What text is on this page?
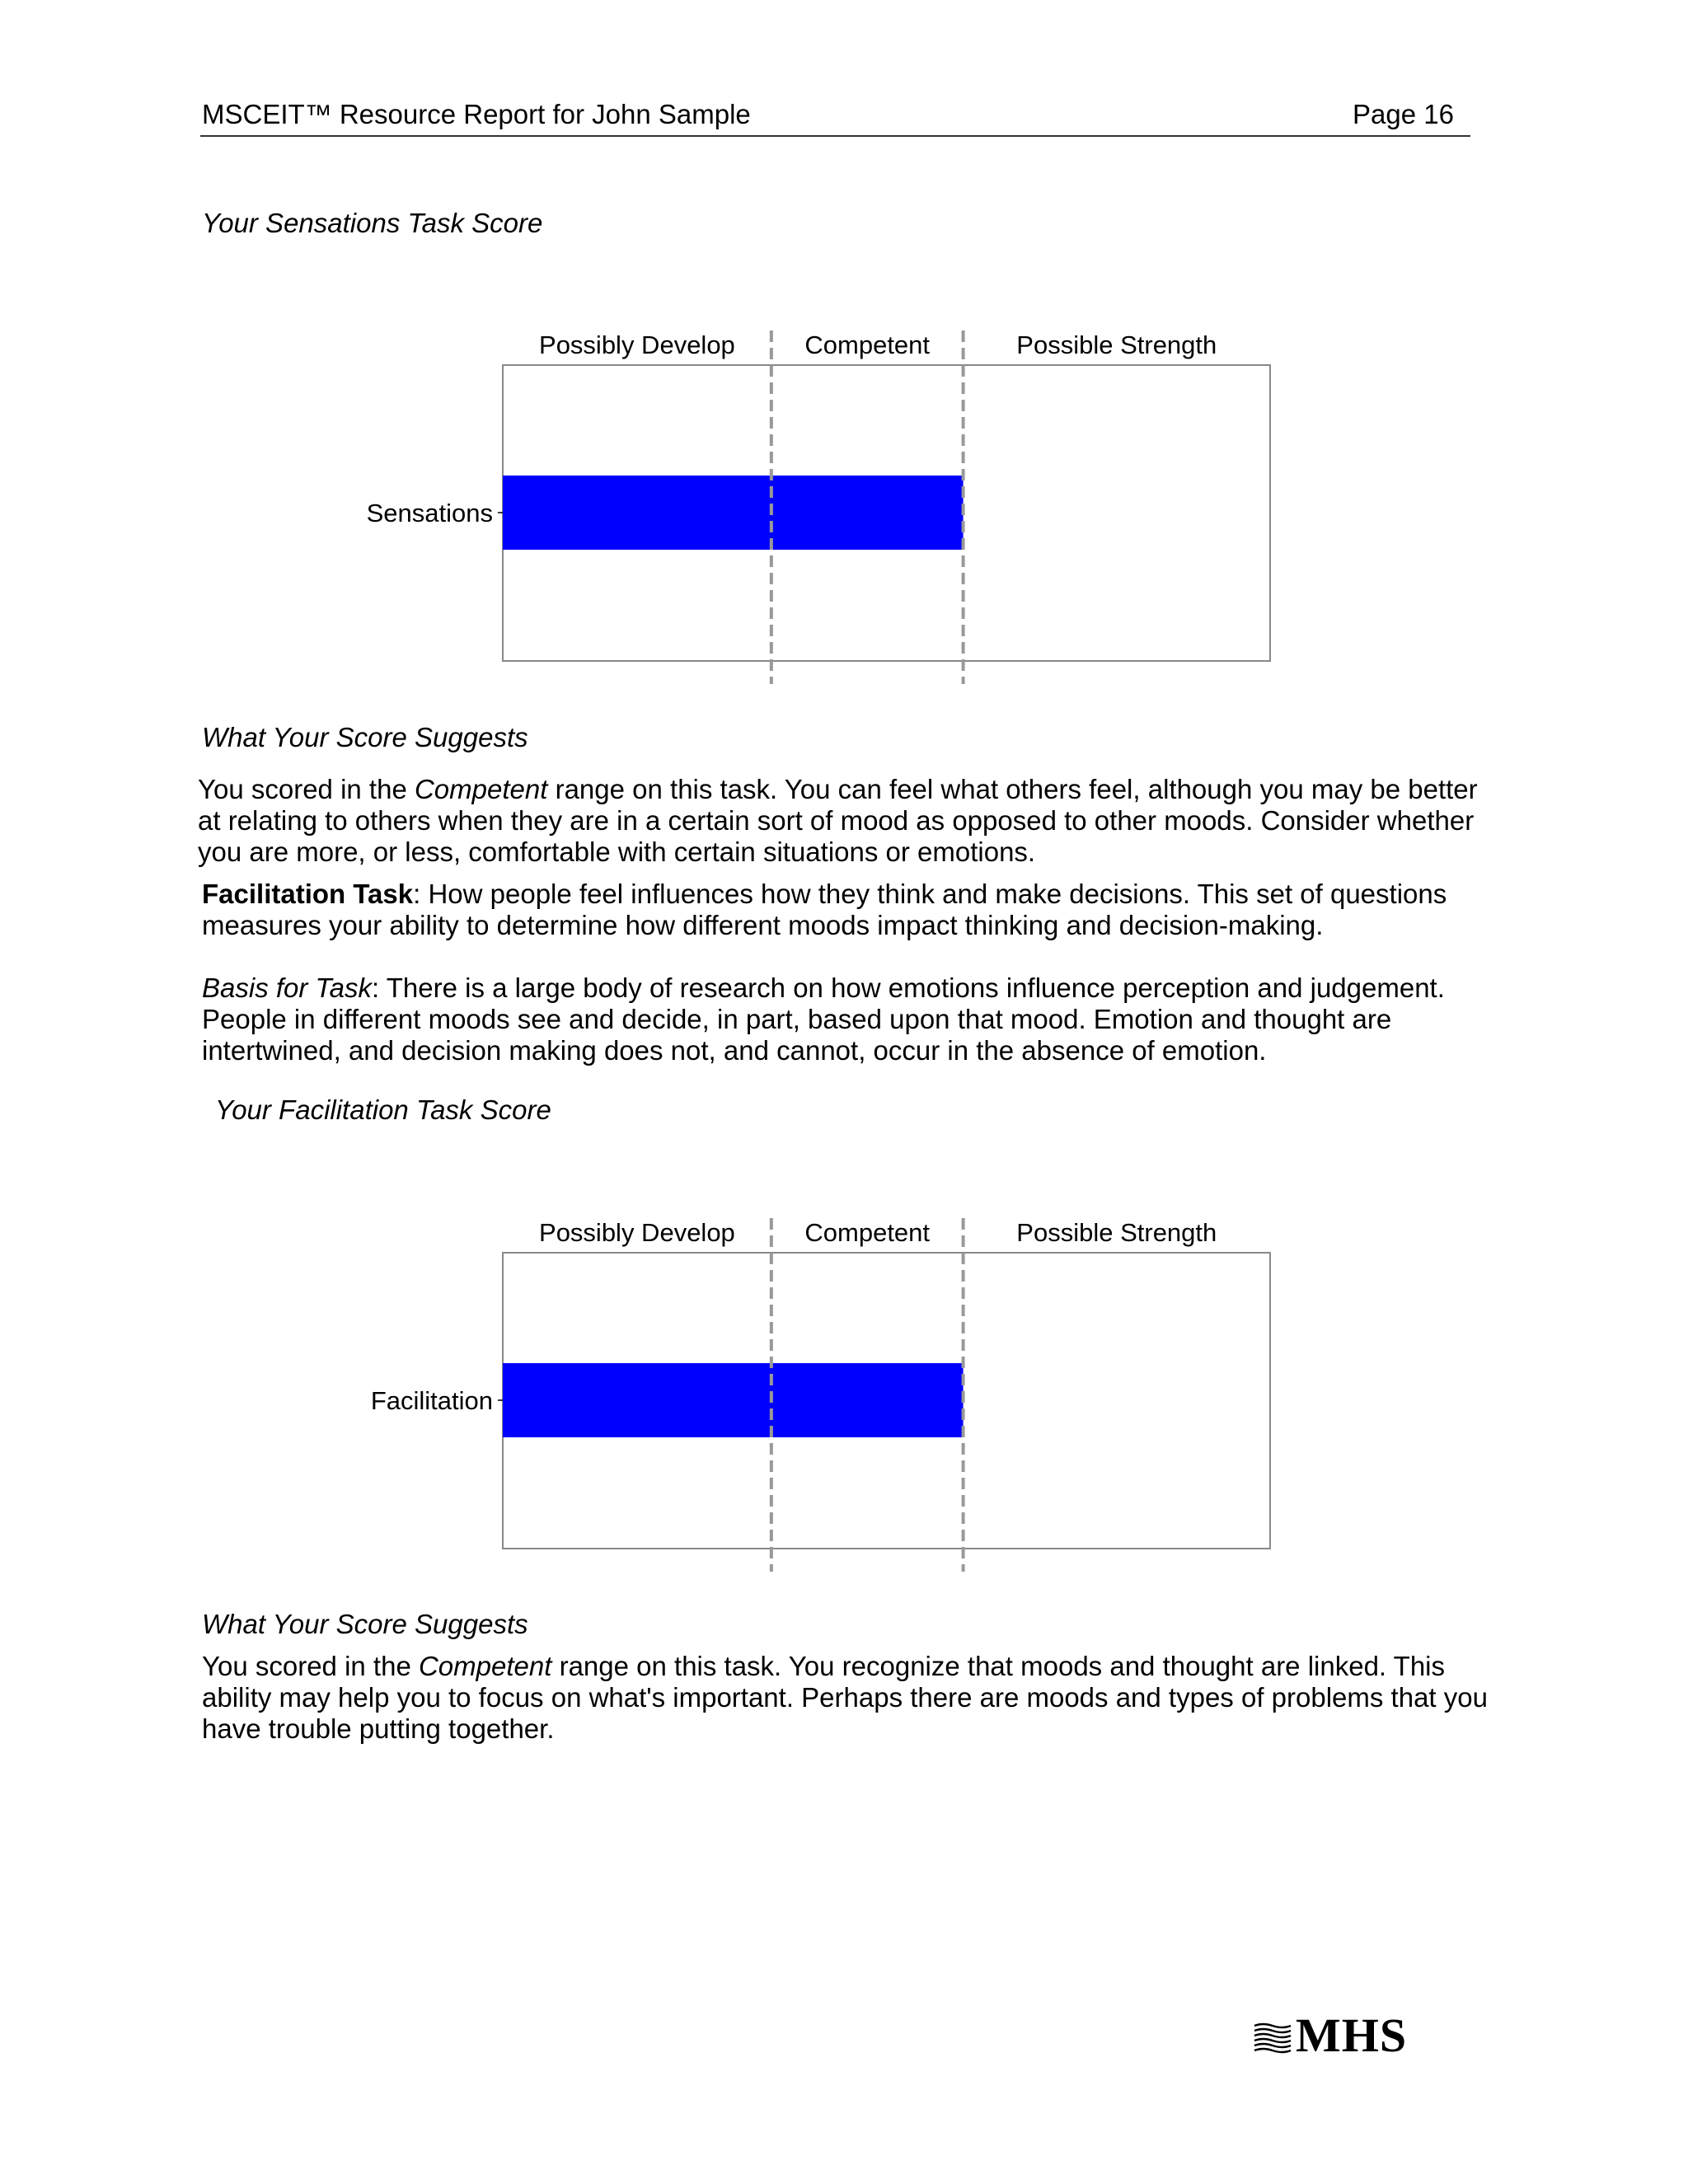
MSCEIT™ Resource Report for John Sample	Page 16
Your Sensations Task Score
Sensations
Possibly Develop	Competent	Possible Strength
What Your Score Suggests
You scored in the Competent range on this task. You can feel what others feel, although you may be better at relating to others when they are in a certain sort of mood as opposed to other moods. Consider whether you are more, or less, comfortable with certain situations or emotions.
Facilitation Task: How people feel influences how they think and make decisions. This set of questions measures your ability to determine how different moods impact thinking and decision-making.
Basis for Task: There is a large body of research on how emotions influence perception and judgement. People in different moods see and decide, in part, based upon that mood. Emotion and thought are intertwined, and decision making does not, and cannot, occur in the absence of emotion.
Your Facilitation Task Score
Facilitation
Possibly Develop	Competent	Possible Strength
What Your Score Suggests
You scored in the Competent range on this task. You recognize that moods and thought are linked. This ability may help you to focus on what's important. Perhaps there are moods and types of problems that you have trouble putting together.
MHS
